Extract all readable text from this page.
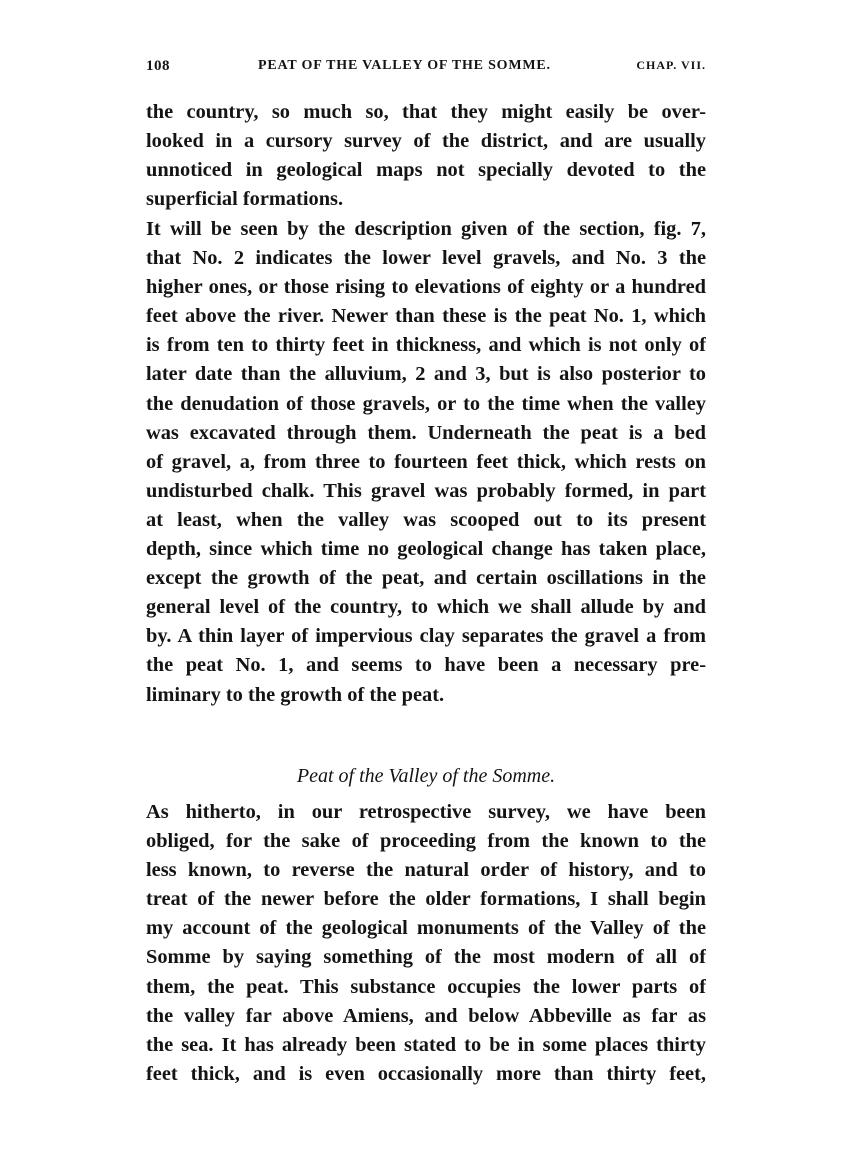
108	PEAT OF THE VALLEY OF THE SOMME.	CHAP. VII.
the country, so much so, that they might easily be over-
looked in a cursory survey of the district, and are usually
unnoticed in geological maps not specially devoted to the
superficial formations.
It will be seen by the description given of the section, fig. 7,
that No. 2 indicates the lower level gravels, and No. 3 the
higher ones, or those rising to elevations of eighty or a hundred
feet above the river. Newer than these is the peat No. 1, which
is from ten to thirty feet in thickness, and which is not only of
later date than the alluvium, 2 and 3, but is also posterior to
the denudation of those gravels, or to the time when the valley
was excavated through them. Underneath the peat is a bed
of gravel, a, from three to fourteen feet thick, which rests on
undisturbed chalk. This gravel was probably formed, in part
at least, when the valley was scooped out to its present
depth, since which time no geological change has taken place,
except the growth of the peat, and certain oscillations in the
general level of the country, to which we shall allude by and
by. A thin layer of impervious clay separates the gravel a from
the peat No. 1, and seems to have been a necessary pre-
liminary to the growth of the peat.
Peat of the Valley of the Somme.
As hitherto, in our retrospective survey, we have been
obliged, for the sake of proceeding from the known to the
less known, to reverse the natural order of history, and to
treat of the newer before the older formations, I shall begin
my account of the geological monuments of the Valley of the
Somme by saying something of the most modern of all of
them, the peat. This substance occupies the lower parts of
the valley far above Amiens, and below Abbeville as far as
the sea. It has already been stated to be in some places thirty
feet thick, and is even occasionally more than thirty feet,
